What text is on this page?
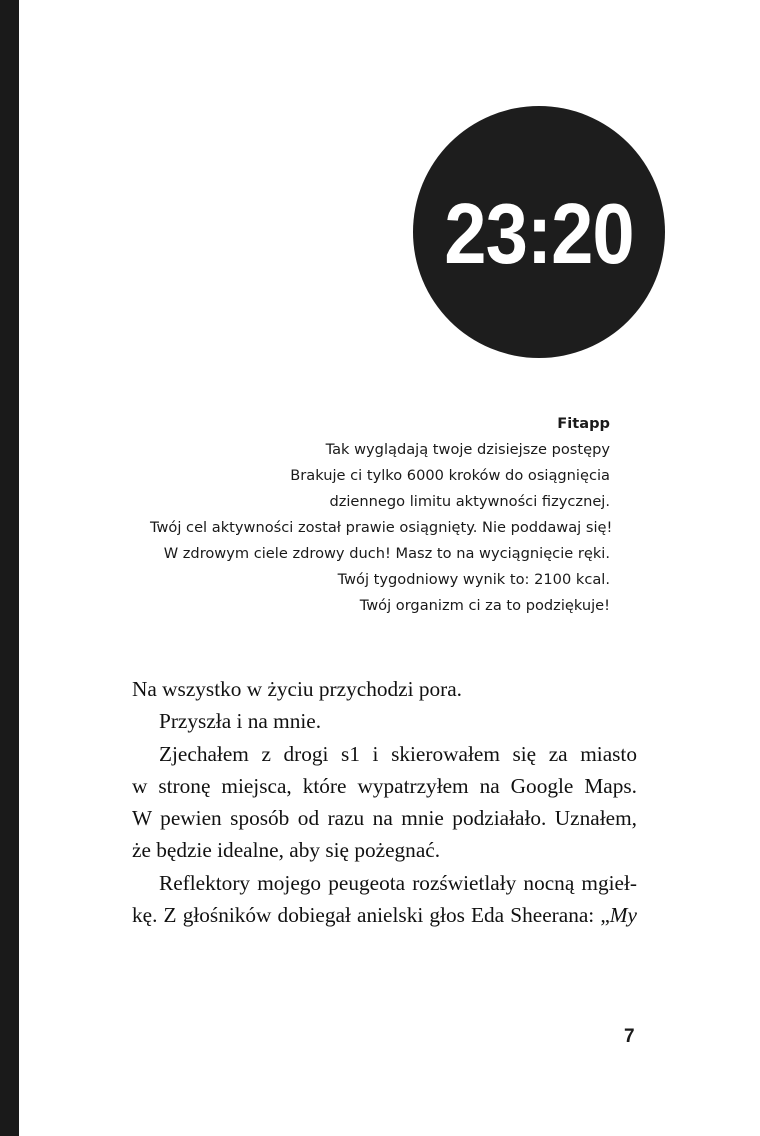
23:20
Fitapp
Tak wyglądają twoje dzisiejsze postępy
Brakuje ci tylko 6000 kroków do osiągnięcia
dziennego limitu aktywności fizycznej.
Twój cel aktywności został prawie osiągnięty. Nie poddawaj się!
W zdrowym ciele zdrowy duch! Masz to na wyciągnięcie ręki.
Twój tygodniowy wynik to: 2100 kcal.
Twój organizm ci za to podziękuje!
Na wszystko w życiu przychodzi pora.
Przyszła i na mnie.
Zjechałem z drogi s1 i skierowałem się za miasto
w stronę miejsca, które wypatrzyłem na Google Maps.
W pewien sposób od razu na mnie podziałało. Uznałem,
że będzie idealne, aby się pożegnać.
Reflektory mojego peugeota rozświetlały nocną mgieł-
kę. Z głośników dobiegał anielski głos Eda Sheerana: „My
7
